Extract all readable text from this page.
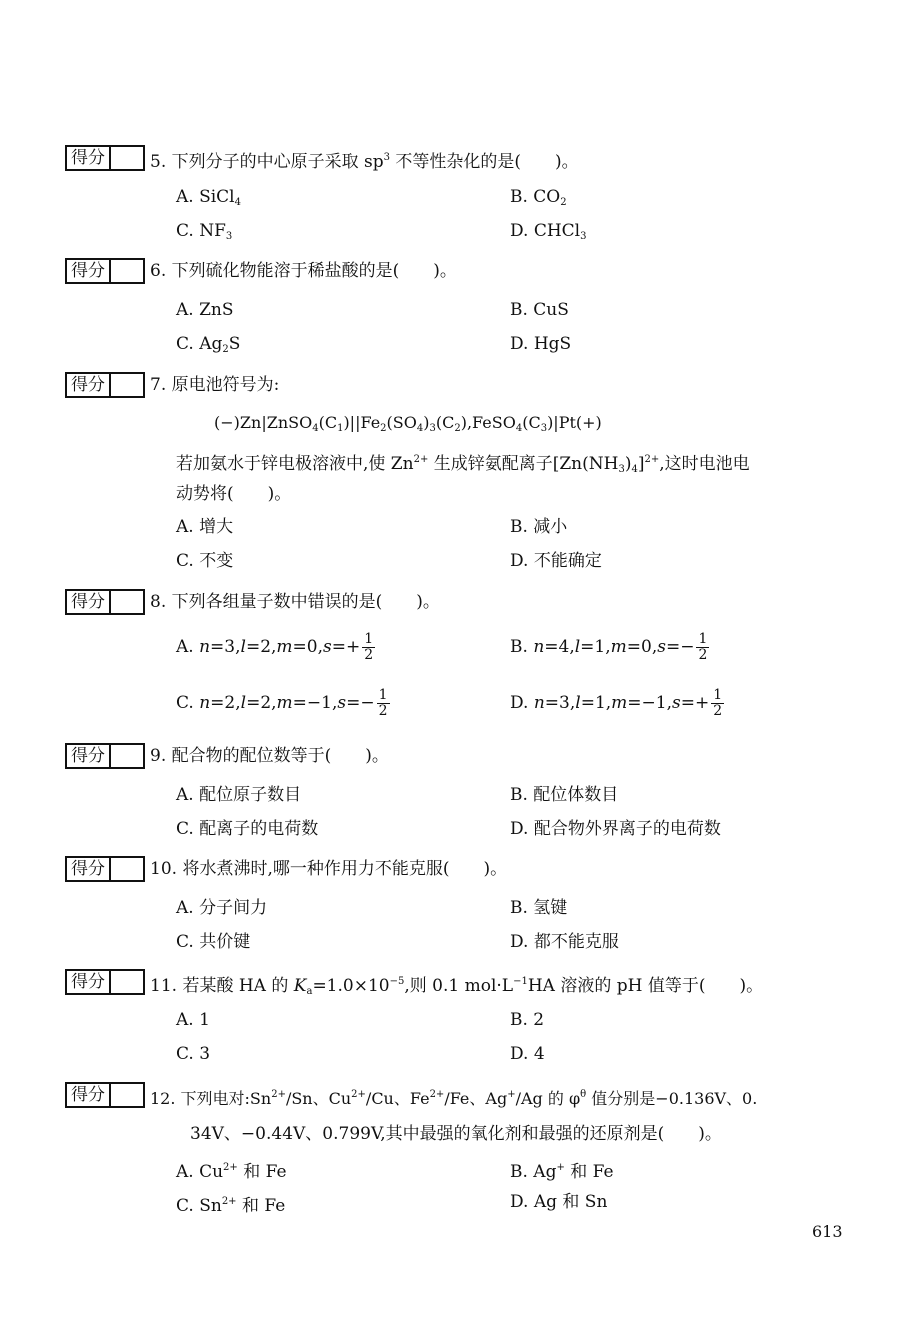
得分	5. 下列分子的中心原子采取 $sp^3$ 不等性杂化的是(　　)。
A. SiCl$_4$	B. $CO_2$
C. $NF_3$	D. CHCl$_3$
得分	6. 下列硫化物能溶于稀盐酸的是(　　)。
A. ZnS	B. CuS
C. $Ag_2S$	D. HgS
得分	7. 原电池符号为:
$(-)Zn|ZnSO_4(C_1)||Fe_2(SO_4)_3(C_2),FeSO_4(C_3)|Pt(+)$
若加氨水于锌电极溶液中,使 $Zn^{2+}$ 生成锌氨配离子$[Zn(NH_3)_4]^{2+}$,这时电池电
动势将(　　)。
A. 增大	B. 减小
C. 不变	D. 不能确定
得分	8. 下列各组量子数中错误的是(　　)。
A. $n=3,l=2,m=0,s=+ \frac{1}{2}$	B. $n=4,l=1,m=0,s=- \frac{1}{2}$
C. $n=2,l=2,m=-1,s=- \frac{1}{2}$	D. $n=3,l=1,m=-1,s=+ \frac{1}{2}$
得分	9. 配合物的配位数等于(　　)。
A. 配位原子数目	B. 配位体数目
C. 配离子的电荷数	D. 配合物外界离子的电荷数
得分	10. 将水煮沸时,哪一种作用力不能克服(　　)。
A. 分子间力	B. 氢键
C. 共价键	D. 都不能克服
得分	11. 若某酸 HA 的 $K_a=1.0\times 10^{-5}$,则 0.1 $mol\cdot L^{-1}HA$ 溶液的 pH 值等于(　　)。
A. 1	B. 2
C. 3	D. 4
得分	12. 下列电对$:Sn^{2+}/Sn$、$Cu^{2+}/Cu$、$Fe^{2+}/Fe$、Ag+/Ag 的 $\varphi^\theta$ 值分别是−0.136V、0.
34V、−0.44V、0.799V,其中最强的氧化剂和最强的还原剂是(　　)。
A. $Cu^{2+}$ 和 Fe	B. Ag+ 和 Fe
C. $Sn^{2+}$ 和 Fe	D. Ag 和 Sn
613
